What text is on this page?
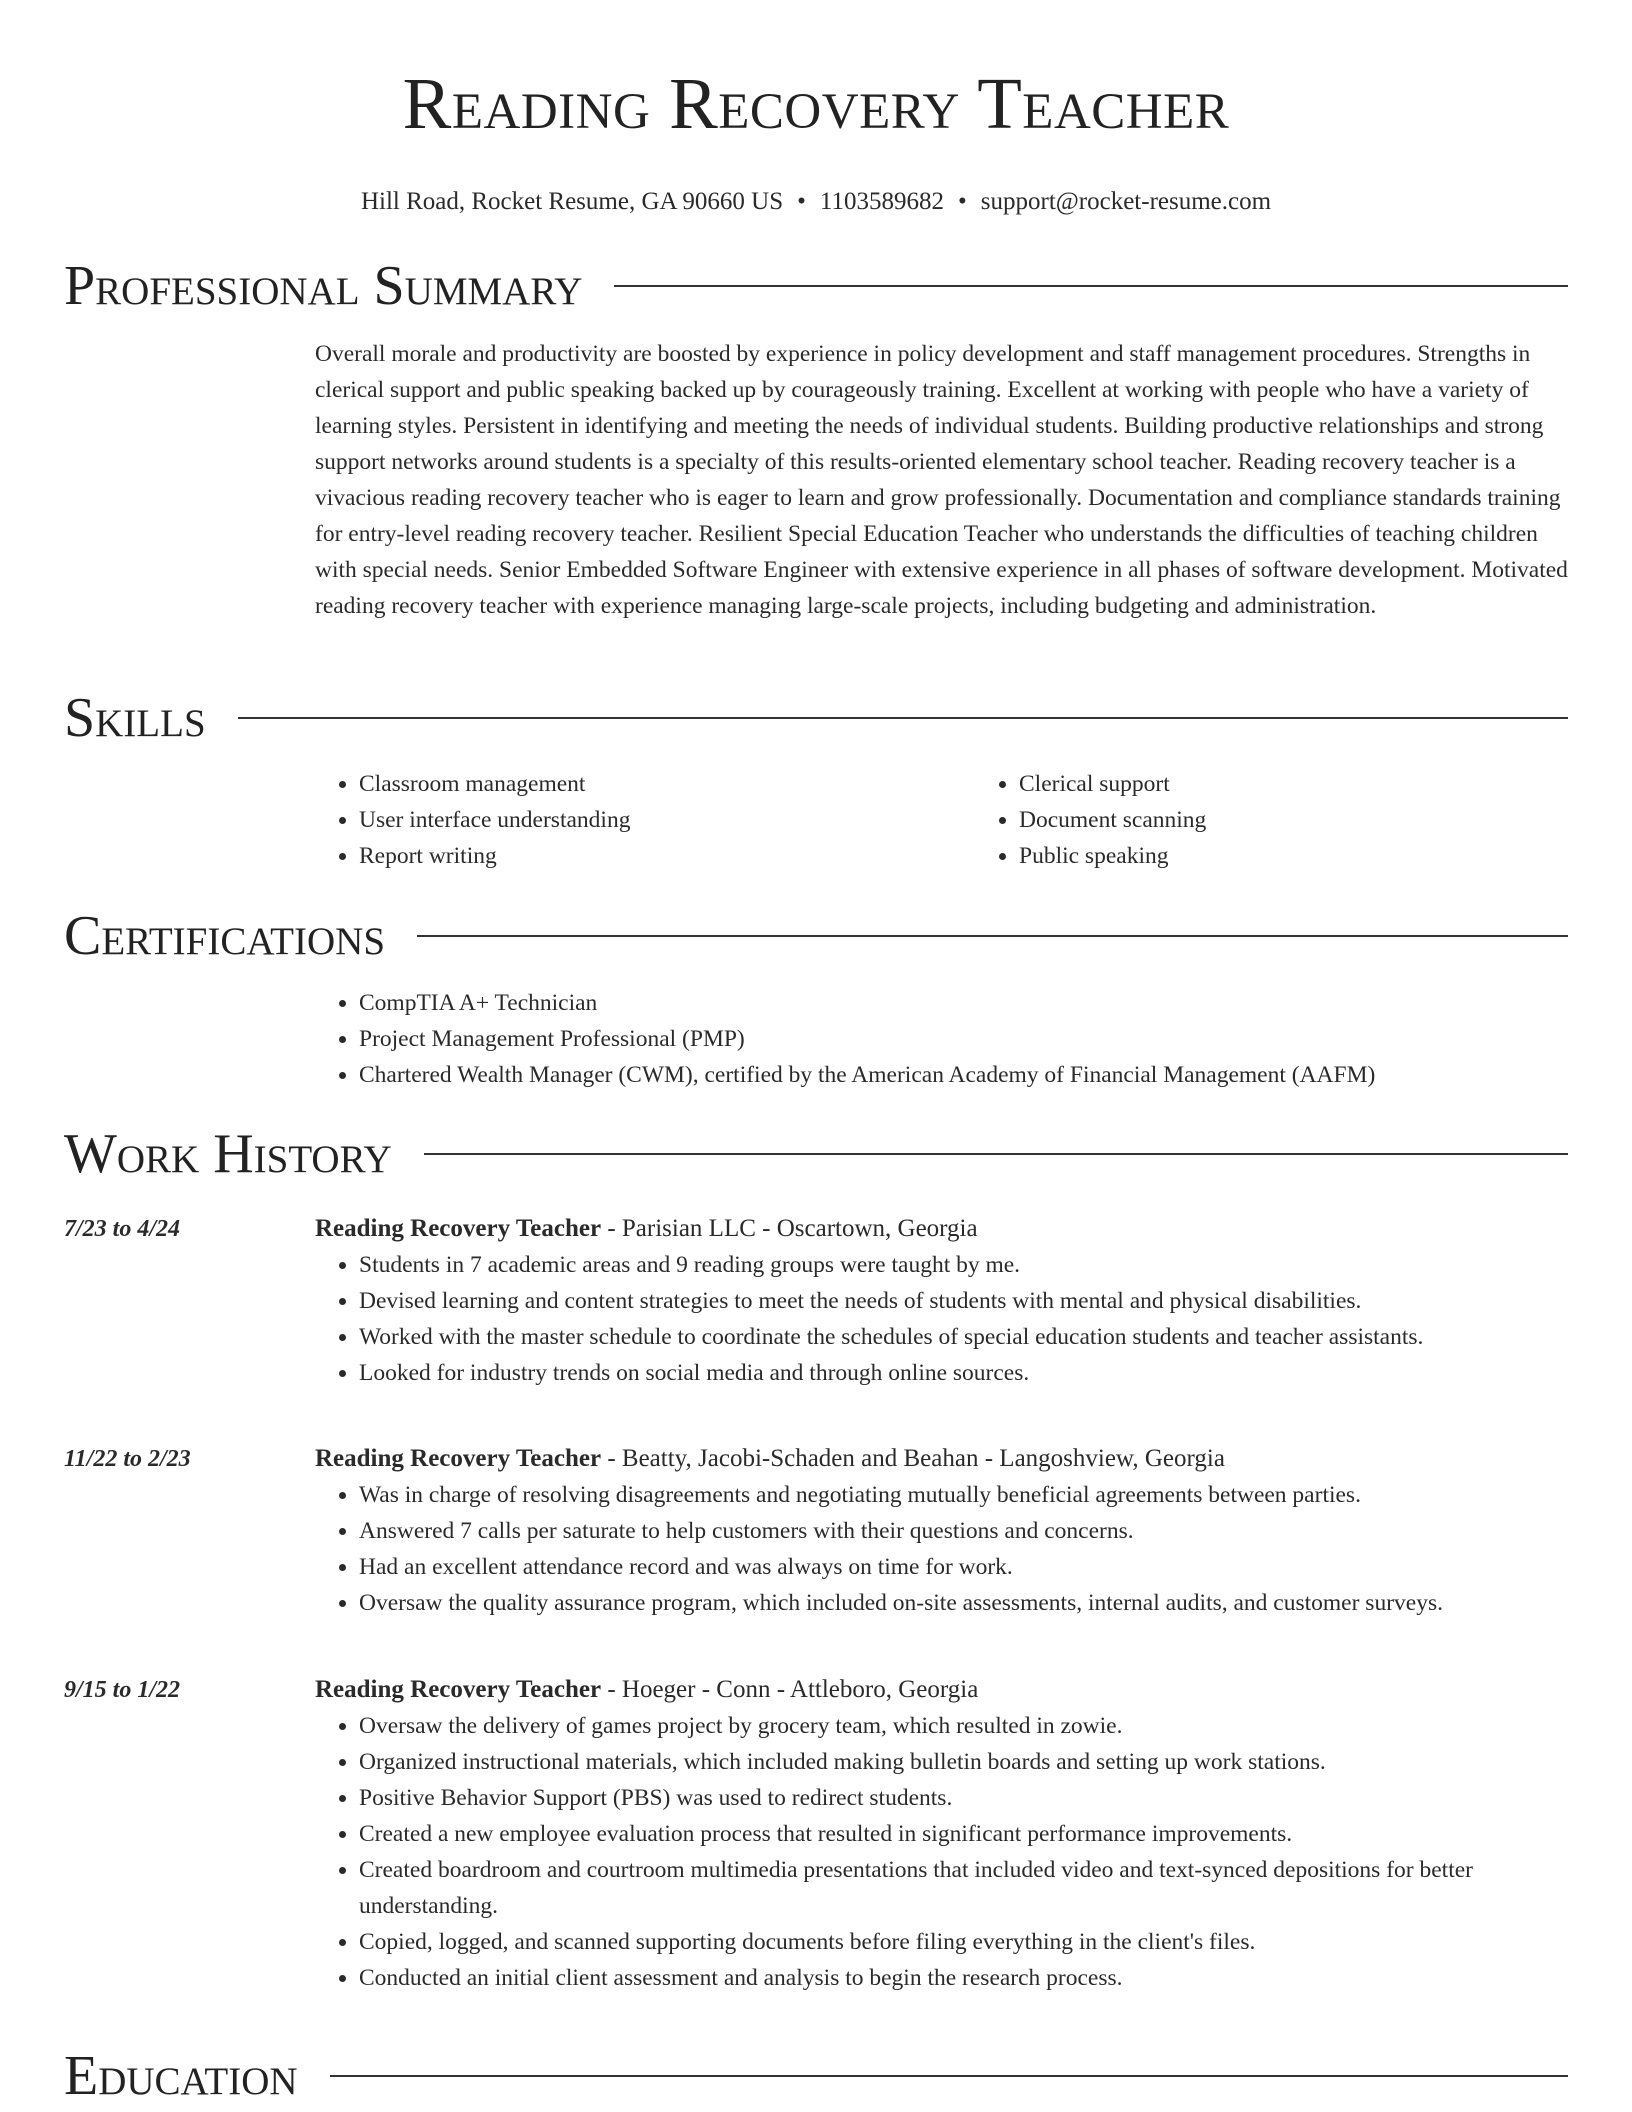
Reading Recovery Teacher
Hill Road, Rocket Resume, GA 90660 US • 1103589682 • support@rocket-resume.com
Professional Summary

Overall morale and productivity are boosted by experience in policy development and staff management procedures. Strengths in clerical support and public speaking backed up by courageously training. Excellent at working with people who have a variety of learning styles. Persistent in identifying and meeting the needs of individual students. Building productive relationships and strong support networks around students is a specialty of this results-oriented elementary school teacher. Reading recovery teacher is a vivacious reading recovery teacher who is eager to learn and grow professionally. Documentation and compliance standards training for entry-level reading recovery teacher. Resilient Special Education Teacher who understands the difficulties of teaching children with special needs. Senior Embedded Software Engineer with extensive experience in all phases of software development. Motivated reading recovery teacher with experience managing large-scale projects, including budgeting and administration.

Skills
• Classroom management
• User interface understanding
• Report writing
• Clerical support
• Document scanning
• Public speaking
Certifications
• CompTIA A+ Technician
• Project Management Professional (PMP)
• Chartered Wealth Manager (CWM), certified by the American Academy of Financial Management (AAFM)
Work History
7/23 to 4/24	Reading Recovery Teacher - Parisian LLC - Oscartown, Georgia
• Students in 7 academic areas and 9 reading groups were taught by me.
• Devised learning and content strategies to meet the needs of students with mental and physical disabilities.
• Worked with the master schedule to coordinate the schedules of special education students and teacher assistants.
• Looked for industry trends on social media and through online sources.
11/22 to 2/23	Reading Recovery Teacher - Beatty, Jacobi-Schaden and Beahan - Langoshview, Georgia
• Was in charge of resolving disagreements and negotiating mutually beneficial agreements between parties.
• Answered 7 calls per saturate to help customers with their questions and concerns.
• Had an excellent attendance record and was always on time for work.
• Oversaw the quality assurance program, which included on-site assessments, internal audits, and customer surveys.
9/15 to 1/22	Reading Recovery Teacher - Hoeger - Conn - Attleboro, Georgia
• Oversaw the delivery of games project by grocery team, which resulted in zowie.
• Organized instructional materials, which included making bulletin boards and setting up work stations.
• Positive Behavior Support (PBS) was used to redirect students.
• Created a new employee evaluation process that resulted in significant performance improvements.
• Created boardroom and courtroom multimedia presentations that included video and text-synced depositions for better understanding.
• Copied, logged, and scanned supporting documents before filing everything in the client's files.
• Conducted an initial client assessment and analysis to begin the research process.
Education
